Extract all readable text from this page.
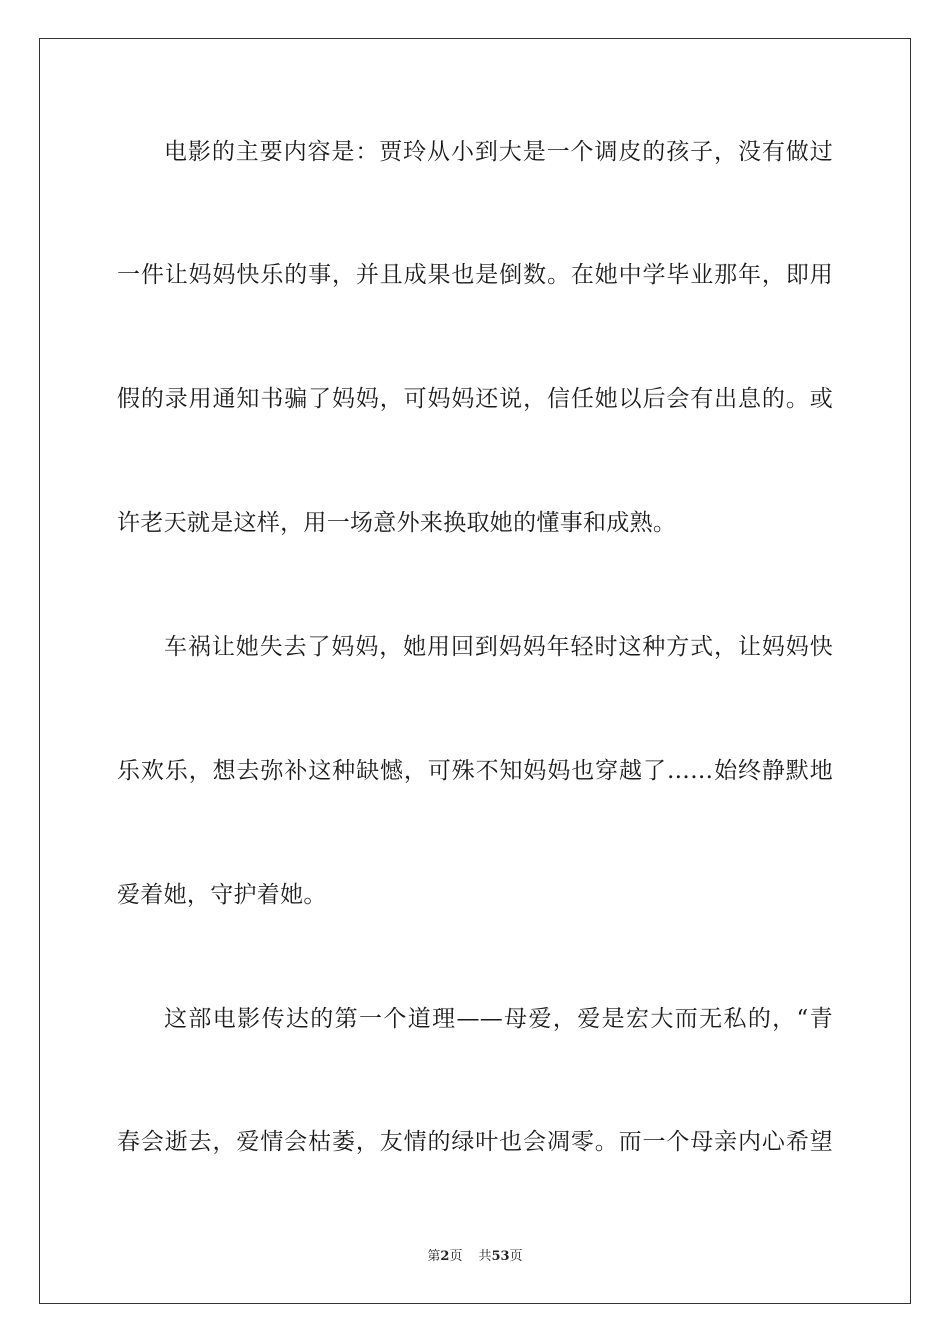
电影的主要内容是：贾玲从小到大是一个调皮的孩子，没有做过
一件让妈妈快乐的事，并且成果也是倒数。在她中学毕业那年，即用
假的录用通知书骗了妈妈，可妈妈还说，信任她以后会有出息的。或
许老天就是这样，用一场意外来换取她的懂事和成熟。
车祸让她失去了妈妈，她用回到妈妈年轻时这种方式，让妈妈快
乐欢乐，想去弥补这种缺憾，可殊不知妈妈也穿越了……始终静默地
爱着她，守护着她。
这部电影传达的第一个道理——母爱，爱是宏大而无私的，“青
春会逝去，爱情会枯萎，友情的绿叶也会凋零。而一个母亲内心希望
第2页 共53页
